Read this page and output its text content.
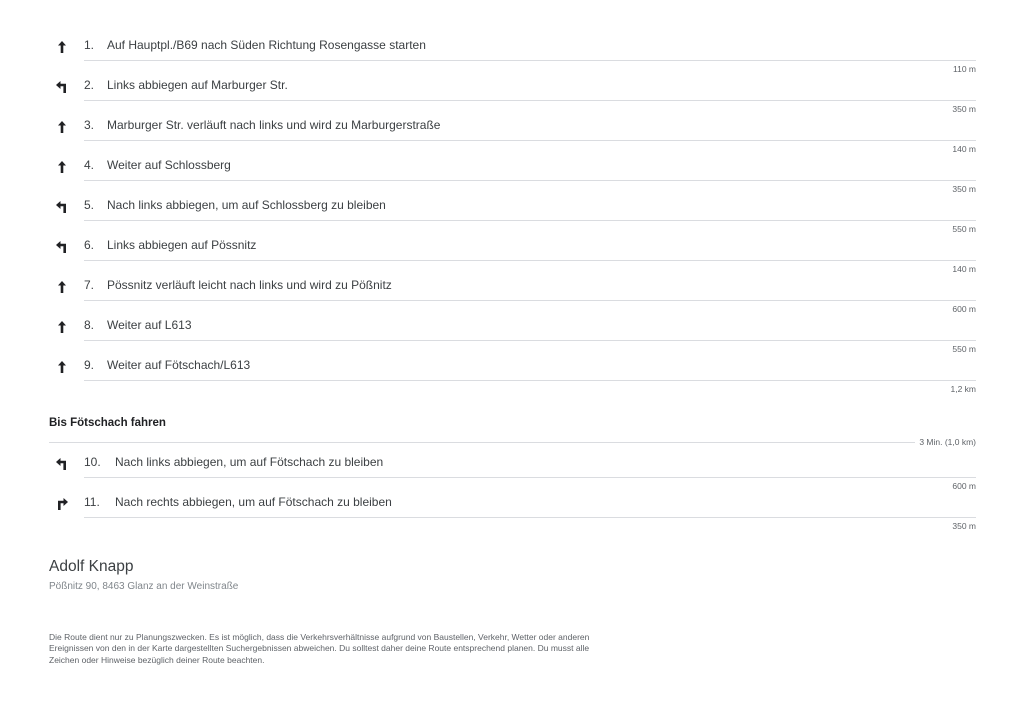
1. Auf Hauptpl./B69 nach Süden Richtung Rosengasse starten
110 m
2. Links abbiegen auf Marburger Str.
350 m
3. Marburger Str. verläuft nach links und wird zu Marburgerstraße
140 m
4. Weiter auf Schlossberg
350 m
5. Nach links abbiegen, um auf Schlossberg zu bleiben
550 m
6. Links abbiegen auf Pössnitz
140 m
7. Pössnitz verläuft leicht nach links und wird zu Pößnitz
600 m
8. Weiter auf L613
550 m
9. Weiter auf Fötschach/L613
1,2 km
Bis Fötschach fahren
3 Min. (1,0 km)
10. Nach links abbiegen, um auf Fötschach zu bleiben
600 m
11. Nach rechts abbiegen, um auf Fötschach zu bleiben
350 m
Adolf Knapp
Pößnitz 90, 8463 Glanz an der Weinstraße
Die Route dient nur zu Planungszwecken. Es ist möglich, dass die Verkehrsverhältnisse aufgrund von Baustellen, Verkehr, Wetter oder anderen Ereignissen von den in der Karte dargestellten Suchergebnissen abweichen. Du solltest daher deine Route entsprechend planen. Du musst alle Zeichen oder Hinweise bezüglich deiner Route beachten.
